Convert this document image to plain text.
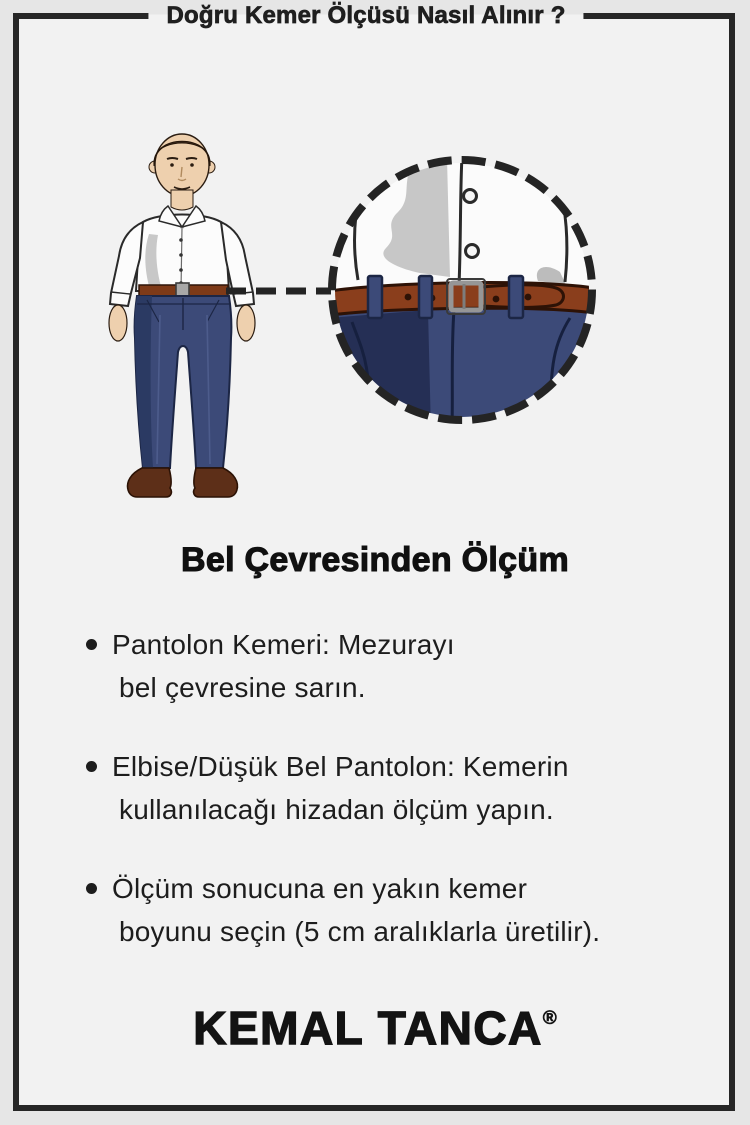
Doğru Kemer Ölçüsü Nasıl Alınır ?
Bel Çevresinden Ölçüm
Pantolon Kemeri: Mezurayı
bel çevresine sarın.
Elbise/Düşük Bel Pantolon: Kemerin
kullanılacağı hizadan ölçüm yapın.
Ölçüm sonucuna en yakın kemer
boyunu seçin (5 cm aralıklarla üretilir).
KEMAL TANCA®
